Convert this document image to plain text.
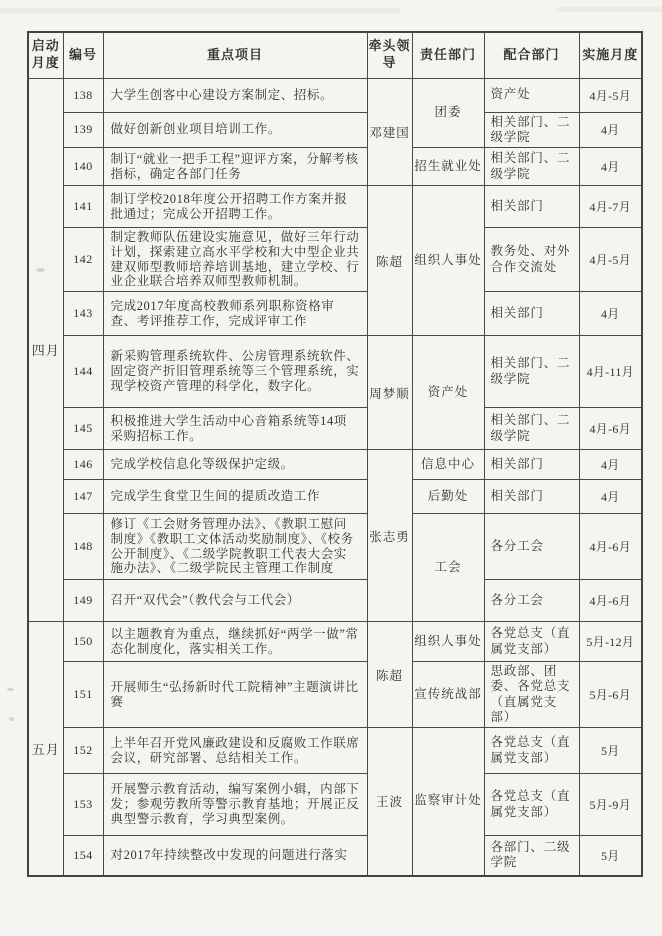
启动月度	编号	重点项目	牵头领导	责任部门	配合部门	实施月度
四月	138	大学生创客中心建设方案制定、招标。	邓建国	团委	资产处	4月-5月
	139	做好创新创业项目培训工作。			相关部门、二级学院	4月
	140	制订“就业一把手工程”迎评方案，分解考核指标，确定各部门任务		招生就业处	相关部门、二级学院	4月
	141	制订学校2018年度公开招聘工作方案并报批通过；完成公开招聘工作。	陈超	组织人事处	相关部门	4月-7月
	142	制定教师队伍建设实施意见，做好三年行动计划，探索建立高水平学校和大中型企业共建双师型教师培养培训基地，建立学校、行业企业联合培养双师型教师机制。			教务处、对外合作交流处	4月-5月
	143	完成2017年度高校教师系列职称资格审查、考评推荐工作，完成评审工作			相关部门	4月
	144	新采购管理系统软件、公房管理系统软件、固定资产折旧管理系统等三个管理系统，实现学校资产管理的科学化，数字化。	周梦顺	资产处	相关部门、二级学院	4月-11月
	145	积极推进大学生活动中心音箱系统等14项采购招标工作。			相关部门、二级学院	4月-6月
	146	完成学校信息化等级保护定级。	张志勇	信息中心	相关部门	4月
	147	完成学生食堂卫生间的提质改造工作		后勤处	相关部门	4月
	148	修订《工会财务管理办法》、《教职工慰问制度》《教职工文体活动奖励制度》、《校务公开制度》、《二级学院教职工代表大会实施办法》、《二级学院民主管理工作制度		工会	各分工会	4月-6月
	149	召开“双代会”（教代会与工代会）			各分工会	4月-6月
五月	150	以主题教育为重点，继续抓好“两学一做”常态化制度化，落实相关工作。	陈超	组织人事处	各党总支（直属党支部）	5月-12月
	151	开展师生“弘扬新时代工院精神”主题演讲比赛		宣传统战部	思政部、团委、各党总支（直属党支部）	5月-6月
	152	上半年召开党风廉政建设和反腐败工作联席会议，研究部署、总结相关工作。	王波	监察审计处	各党总支（直属党支部）	5月
	153	开展警示教育活动，编写案例小辑，内部下发；参观劳教所等警示教育基地；开展正反典型警示教育，学习典型案例。			各党总支（直属党支部）	5月-9月
	154	对2017年持续整改中发现的问题进行落实			各部门、二级学院	5月
